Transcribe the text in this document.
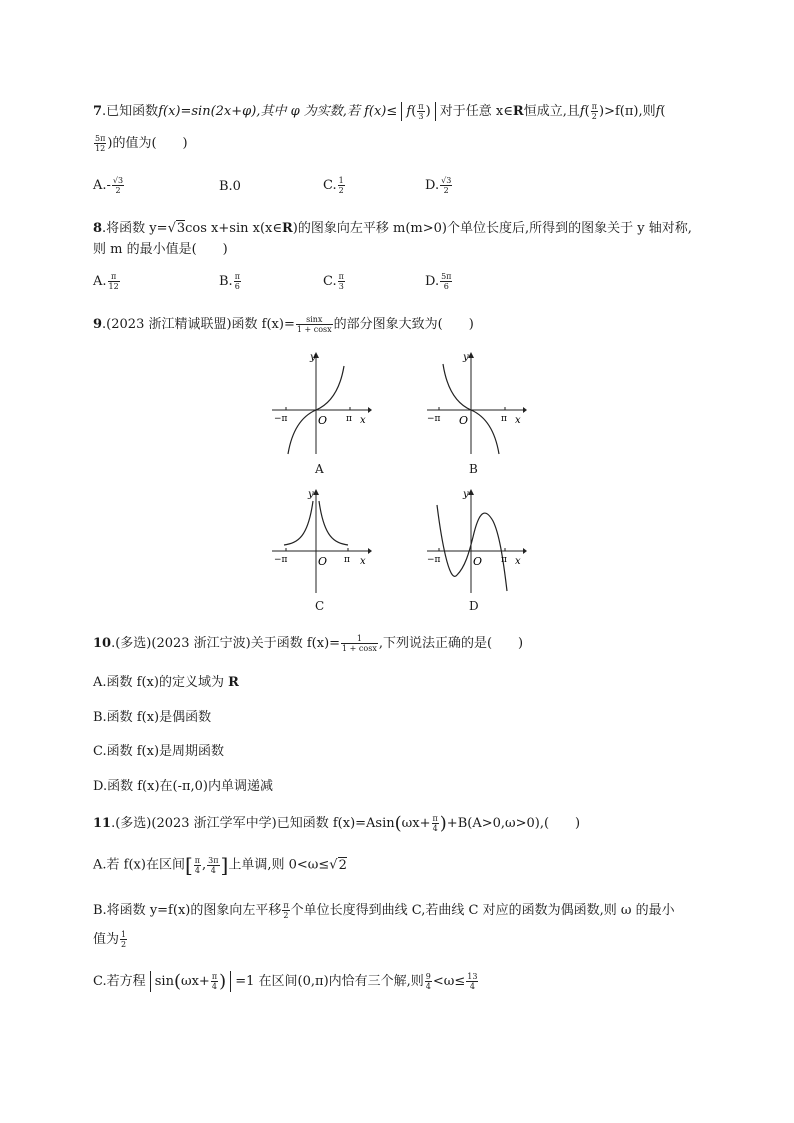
7.已知函数f(x)=sin(2x+φ),其中 φ 为实数,若 $f(x)\le f( \frac{\pi}{3}$ ) 对于任意 x∈R恒成立,且$f( \frac{\pi}{2} )>f(\pi)$,则f(
$\frac{5\pi}{12}$ )的值为(　　)
$A.- \frac{√3}{2}$	B.0	C. $\frac{1}{2}$	D. $\frac{√3}{2}$
8.将函数 y=√3cos x+sin x(x∈R)的图象向左平移 m(m>0)个单位长度后,所得到的图象关于 y 轴对称,
则 m 的最小值是(　　)
A. $\frac{\pi}{12}$	B. $\frac{\pi}{6}$	C. $\frac{\pi}{3}$	D. $\frac{5\pi}{6}$
9.(2023 浙江精诚联盟)函数 $f(x)= \frac{\sin x}{1 + \cos x}$ 的部分图象大致为(　　)
y
x
O
−π	π
A
y
x
O
−π	π
B
y
x
O
−π	π
C
y
x
O
−π	π
D
10.(多选)(2023 浙江宁波)关于函数 $f(x)= \frac{1}{1 + \cos x}$ ,下列说法正确的是(　　)
A.函数 f(x)的定义域为 R
B.函数 f(x)是偶函数
C.函数 f(x)是周期函数
D.函数 f(x)在(-π,0)内单调递减
11.(多选)(2023 浙江学军中学)已知函数 $f(x)=Asin(\omega x+ \frac{\pi}{4} )+B(A>0,\omega>0)$,(　　)
A.若 f(x)在区间[ $\frac{\pi}{4}$ , $\frac{3\pi}{4}$ ]上单调,则 0<ω≤√2
B.将函数 y=f(x)的图象向左平移 $\frac{\pi}{2}$ 个单位长度得到曲线 C,若曲线 C 对应的函数为偶函数,则 ω 的最小
值为 $\frac{1}{2}$
C.若方程 $\sin(\omega x+ \frac{\pi}{4}$ ) =1 在区间(0,π)内恰有三个解,则 $\frac{9}{4} <\omega\le \frac{13}{4}$
